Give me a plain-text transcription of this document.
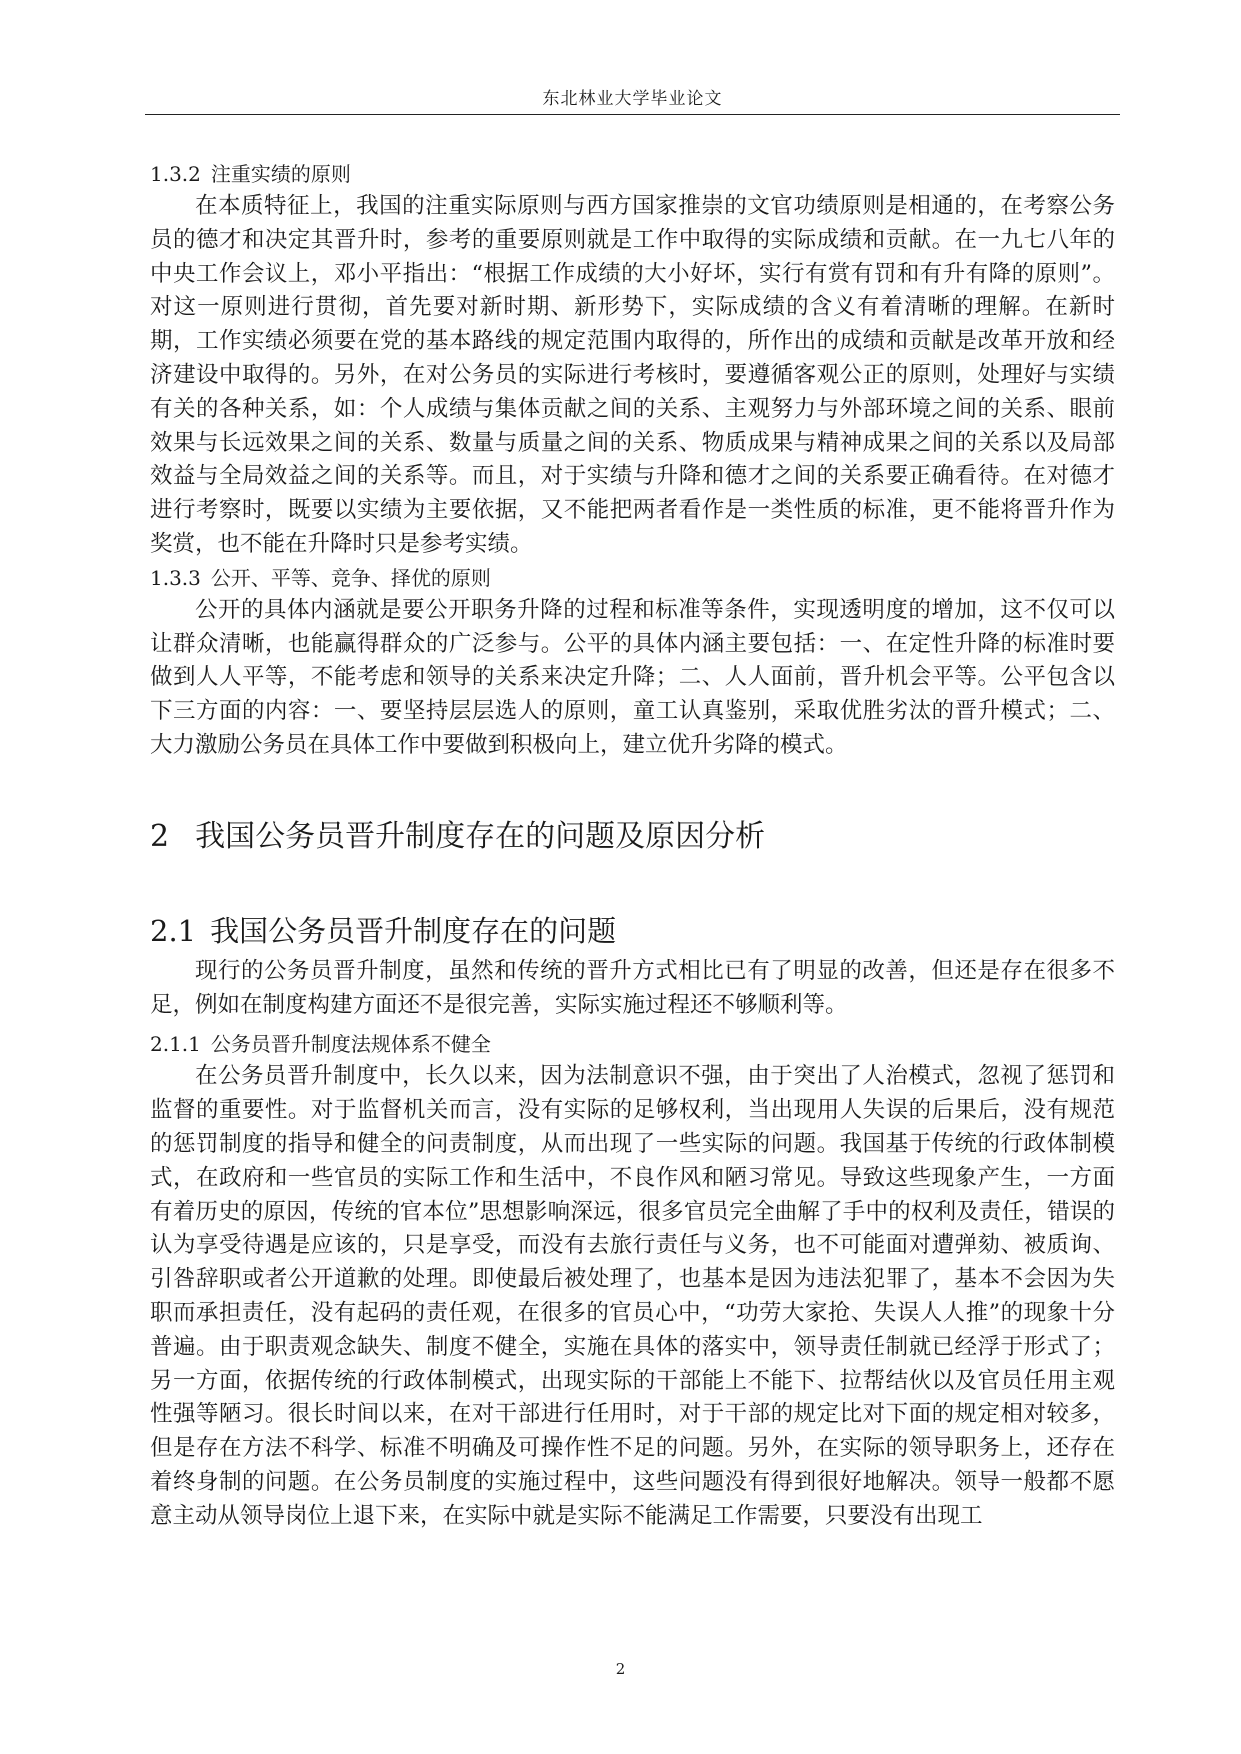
东北林业大学毕业论文
1.3.2 注重实绩的原则

在本质特征上，我国的注重实际原则与西方国家推崇的文官功绩原则是相通的，在考察公务员的德才和决定其晋升时，参考的重要原则就是工作中取得的实际成绩和贡献。在一九七八年的中央工作会议上，邓小平指出：“根据工作成绩的大小好坏，实行有赏有罚和有升有降的原则”。对这一原则进行贯彻，首先要对新时期、新形势下，实际成绩的含义有着清晰的理解。在新时期，工作实绩必须要在党的基本路线的规定范围内取得的，所作出的成绩和贡献是改革开放和经济建设中取得的。另外，在对公务员的实际进行考核时，要遵循客观公正的原则，处理好与实绩有关的各种关系，如：个人成绩与集体贡献之间的关系、主观努力与外部环境之间的关系、眼前效果与长远效果之间的关系、数量与质量之间的关系、物质成果与精神成果之间的关系以及局部效益与全局效益之间的关系等。而且，对于实绩与升降和德才之间的关系要正确看待。在对德才进行考察时，既要以实绩为主要依据，又不能把两者看作是一类性质的标准，更不能将晋升作为奖赏，也不能在升降时只是参考实绩。

1.3.3 公开、平等、竞争、择优的原则

公开的具体内涵就是要公开职务升降的过程和标准等条件，实现透明度的增加，这不仅可以让群众清晰，也能赢得群众的广泛参与。公平的具体内涵主要包括：一、在定性升降的标准时要做到人人平等，不能考虑和领导的关系来决定升降；二、人人面前，晋升机会平等。公平包含以下三方面的内容：一、要坚持层层选人的原则，童工认真鉴别，采取优胜劣汰的晋升模式；二、大力激励公务员在具体工作中要做到积极向上，建立优升劣降的模式。

2 我国公务员晋升制度存在的问题及原因分析
2.1 我国公务员晋升制度存在的问题

现行的公务员晋升制度，虽然和传统的晋升方式相比已有了明显的改善，但还是存在很多不足，例如在制度构建方面还不是很完善，实际实施过程还不够顺利等。

2.1.1 公务员晋升制度法规体系不健全

在公务员晋升制度中，长久以来，因为法制意识不强，由于突出了人治模式，忽视了惩罚和监督的重要性。对于监督机关而言，没有实际的足够权利，当出现用人失误的后果后，没有规范的惩罚制度的指导和健全的问责制度，从而出现了一些实际的问题。我国基于传统的行政体制模式，在政府和一些官员的实际工作和生活中，不良作风和陋习常见。导致这些现象产生，一方面有着历史的原因，传统的官本位”思想影响深远，很多官员完全曲解了手中的权利及责任，错误的认为享受待遇是应该的，只是享受，而没有去旅行责任与义务，也不可能面对遭弹劾、被质询、引咎辞职或者公开道歉的处理。即使最后被处理了，也基本是因为违法犯罪了，基本不会因为失职而承担责任，没有起码的责任观，在很多的官员心中，“功劳大家抢、失误人人推”的现象十分普遍。由于职责观念缺失、制度不健全，实施在具体的落实中，领导责任制就已经浮于形式了；另一方面，依据传统的行政体制模式，出现实际的干部能上不能下、拉帮结伙以及官员任用主观性强等陋习。很长时间以来，在对干部进行任用时，对于干部的规定比对下面的规定相对较多，但是存在方法不科学、标准不明确及可操作性不足的问题。另外，在实际的领导职务上，还存在着终身制的问题。在公务员制度的实施过程中，这些问题没有得到很好地解决。领导一般都不愿意主动从领导岗位上退下来，在实际中就是实际不能满足工作需要，只要没有出现工

2
